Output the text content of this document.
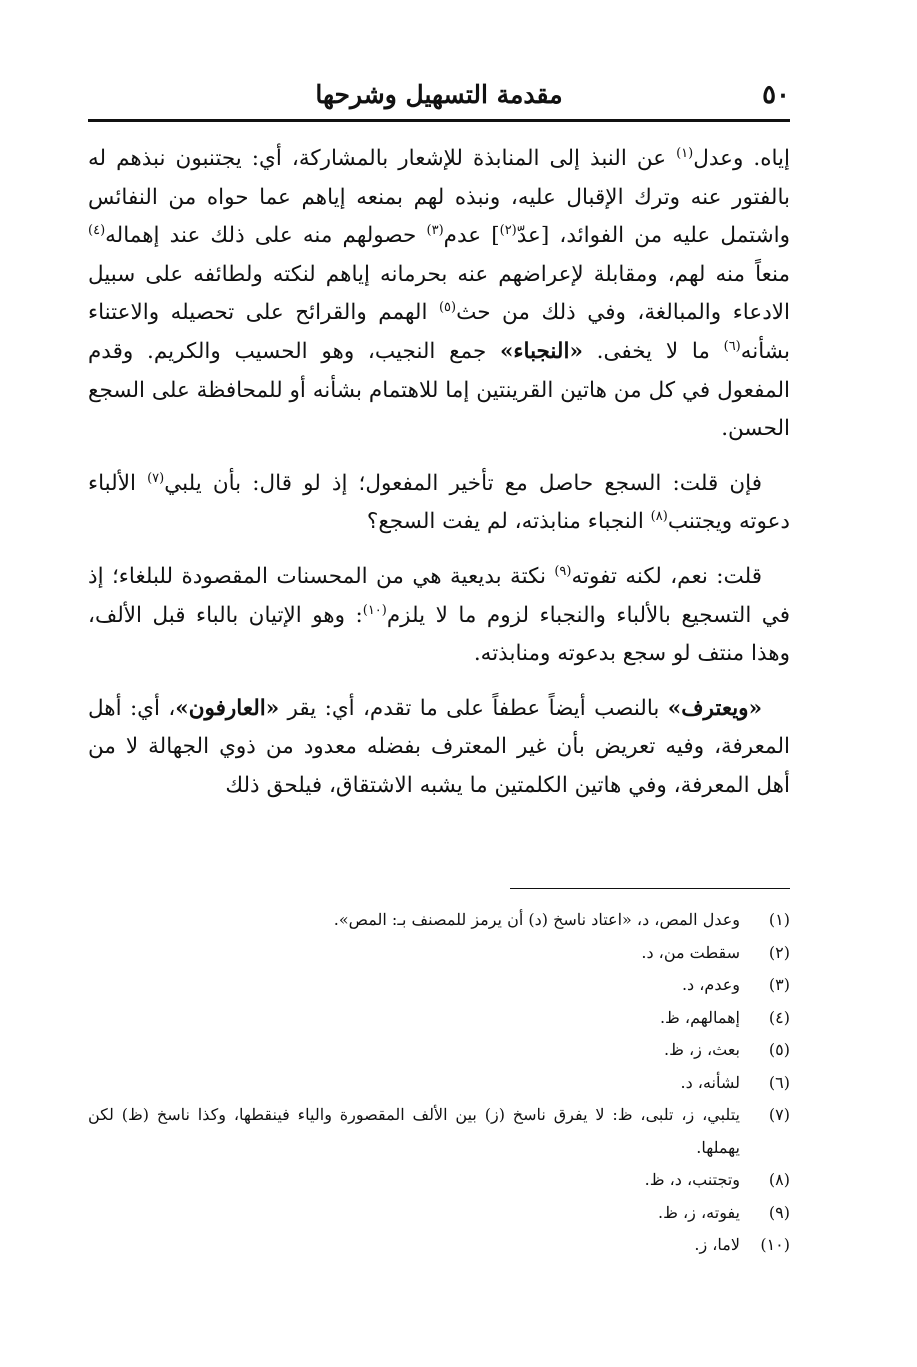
٥٠
مقدمة التسهيل وشرحها

إياه. وعدل$^{(١)}$ عن النبذ إلى المنابذة للإشعار بالمشاركة، أي: يجتنبون نبذهم له بالفتور عنه وترك الإقبال عليه، ونبذه لهم بمنعه إياهم عما حواه من النفائس واشتمل عليه من الفوائد، [عدّ$^{(٢)}$] عدم$^{(٣)}$ حصولهم منه على ذلك عند إهماله$^{(٤)}$ منعاً منه لهم، ومقابلة لإعراضهم عنه بحرمانه إياهم لنكته ولطائفه على سبيل الادعاء والمبالغة، وفي ذلك من حث$^{(٥)}$ الهمم والقرائح على تحصيله والاعتناء بشأنه$^{(٦)}$ ما لا يخفى. «النجباء» جمع النجيب، وهو الحسيب والكريم. وقدم المفعول في كل من هاتين القرينتين إما للاهتمام بشأنه أو للمحافظة على السجع الحسن.

فإن قلت: السجع حاصل مع تأخير المفعول؛ إذ لو قال: بأن يلبي$^{(٧)}$ الألباء دعوته ويجتنب$^{(٨)}$ النجباء منابذته، لم يفت السجع؟

قلت: نعم، لكنه تفوته$^{(٩)}$ نكتة بديعية هي من المحسنات المقصودة للبلغاء؛ إذ في التسجيع بالألباء والنجباء لزوم ما لا يلزم$^{(١٠)}$: وهو الإتيان بالباء قبل الألف، وهذا منتف لو سجع بدعوته ومنابذته.

«ويعترف» بالنصب أيضاً عطفاً على ما تقدم، أي: يقر «العارفون»، أي: أهل المعرفة، وفيه تعريض بأن غير المعترف بفضله معدود من ذوي الجهالة لا من أهل المعرفة، وفي هاتين الكلمتين ما يشبه الاشتقاق، فيلحق ذلك

(١)
وعدل المص، د، «اعتاد ناسخ (د) أن يرمز للمصنف بـ: المص».
(٢)
سقطت من، د.
(٣)
وعدم، د.
(٤)
إهمالهم، ظ.
(٥)
بعث، ز، ظ.
(٦)
لشأنه، د.
(٧)
يتلبي، ز، تلبى، ظ: لا يفرق ناسخ (ز) بين الألف المقصورة والياء فينقطها، وكذا ناسخ (ظ) لكن يهملها.
(٨)
وتجتنب، د، ظ.
(٩)
يفوته، ز، ظ.
(١٠)
لاما، ز.
